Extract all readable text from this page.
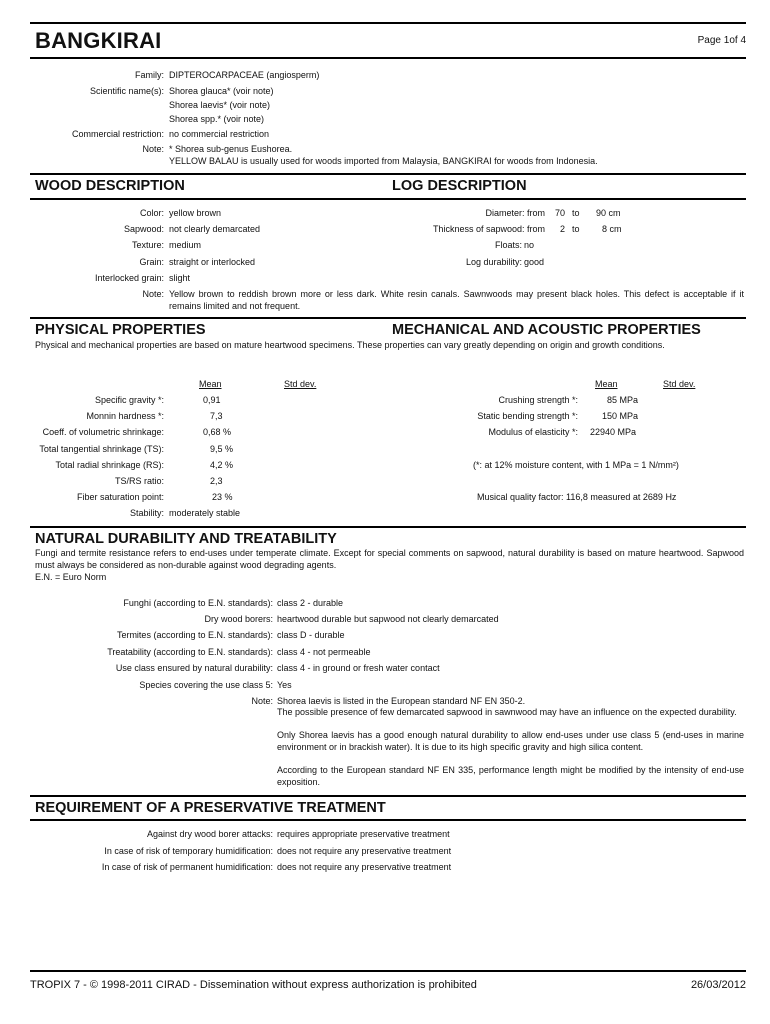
BANGKIRAI	Page 1of 4
Family: DIPTEROCARPACEAE (angiosperm)
Scientific name(s): Shorea glauca* (voir note)
Shorea laevis* (voir note)
Shorea spp.* (voir note)
Commercial restriction: no commercial restriction
Note: * Shorea sub-genus Eushorea.
YELLOW BALAU is usually used for woods imported from Malaysia, BANGKIRAI for woods from Indonesia.
WOOD DESCRIPTION	LOG DESCRIPTION
Color: yellow brown
Sapwood: not clearly demarcated
Texture: medium
Grain: straight or interlocked
Interlocked grain: slight
Note: Yellow brown to reddish brown more or less dark. White resin canals. Sawnwoods may present black holes. This defect is acceptable if it remains limited and not frequent.
Diameter: from 70 to 90 cm
Thickness of sapwood: from 2 to 8 cm
Floats: no
Log durability: good
PHYSICAL PROPERTIES	MECHANICAL AND ACOUSTIC PROPERTIES
Physical and mechanical properties are based on mature heartwood specimens. These properties can vary greatly depending on origin and growth conditions.
Mean	Std dev.
Specific gravity *:	0,91
Monnin hardness *:	7,3
Coeff. of volumetric shrinkage:	0,68 %
Total tangential shrinkage (TS):	9,5 %
Total radial shrinkage (RS):	4,2 %
TS/RS ratio:	2,3
Fiber saturation point:	23 %
Stability: moderately stable
Mean	Std dev.
Crushing strength *:	85 MPa
Static bending strength *:	150 MPa
Modulus of elasticity *: 22940 MPa
(*: at 12% moisture content, with 1 MPa = 1 N/mm²)
Musical quality factor: 116,8 measured at 2689 Hz
NATURAL DURABILITY AND TREATABILITY
Fungi and termite resistance refers to end-uses under temperate climate. Except for special comments on sapwood, natural durability is based on mature heartwood. Sapwood must always be considered as non-durable against wood degrading agents.
E.N. = Euro Norm
Funghi (according to E.N. standards): class 2 - durable
Dry wood borers: heartwood durable but sapwood not clearly demarcated
Termites (according to E.N. standards): class D - durable
Treatability (according to E.N. standards): class 4 - not permeable
Use class ensured by natural durability: class 4 - in ground or fresh water contact
Species covering the use class 5: Yes
Note: Shorea laevis is listed in the European standard NF EN 350-2.
The possible presence of few demarcated sapwood in sawnwood may have an influence on the expected durability.
Only Shorea laevis has a good enough natural durability to allow end-uses under use class 5 (end-uses in marine environment or in brackish water). It is due to its high specific gravity and high silica content.
According to the European standard NF EN 335, performance length might be modified by the intensity of end-use exposition.
REQUIREMENT OF A PRESERVATIVE TREATMENT
Against dry wood borer attacks: requires appropriate preservative treatment
In case of risk of temporary humidification: does not require any preservative treatment
In case of risk of permanent humidification: does not require any preservative treatment
TROPIX 7 - © 1998-2011 CIRAD - Dissemination without express authorization is prohibited	26/03/2012
